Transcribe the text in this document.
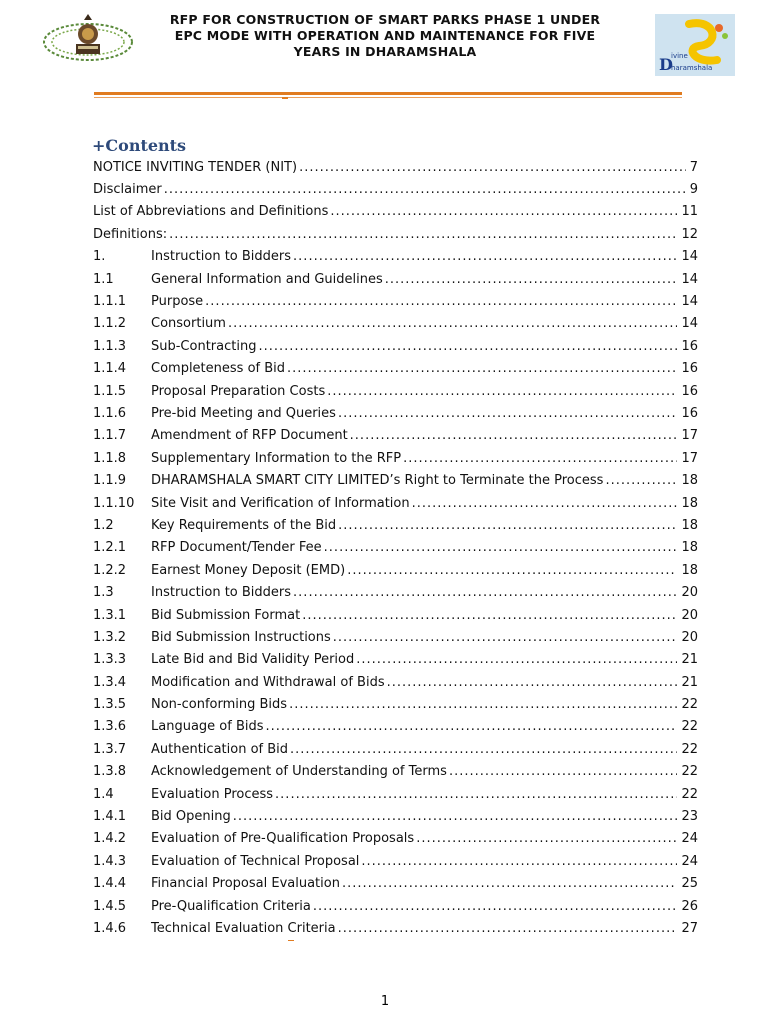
RFP FOR CONSTRUCTION OF SMART PARKS PHASE 1 UNDER
EPC MODE WITH OPERATION AND MAINTENANCE FOR FIVE
YEARS IN DHARAMSHALA
D
ivine
haramshala
+Contents
NOTICE INVITING TENDER (NIT) .....	7
Disclaimer .....	9
List of Abbreviations and Definitions .....	11
Definitions: .....	12
1.	Instruction to Bidders .....	14
1.1	General Information and Guidelines .....	14
1.1.1	Purpose .....	14
1.1.2	Consortium .....	14
1.1.3	Sub-Contracting .....	16
1.1.4	Completeness of Bid .....	16
1.1.5	Proposal Preparation Costs .....	16
1.1.6	Pre-bid Meeting and Queries .....	16
1.1.7	Amendment of RFP Document .....	17
1.1.8	Supplementary Information to the RFP .....	17
1.1.9	DHARAMSHALA SMART CITY LIMITED’s Right to Terminate the Process .....	18
1.1.10	Site Visit and Verification of Information .....	18
1.2	Key Requirements of the Bid .....	18
1.2.1	RFP Document/Tender Fee .....	18
1.2.2	Earnest Money Deposit (EMD) .....	18
1.3	Instruction to Bidders .....	20
1.3.1	Bid Submission Format .....	20
1.3.2	Bid Submission Instructions .....	20
1.3.3	Late Bid and Bid Validity Period .....	21
1.3.4	Modification and Withdrawal of Bids .....	21
1.3.5	Non-conforming Bids .....	22
1.3.6	Language of Bids .....	22
1.3.7	Authentication of Bid .....	22
1.3.8	Acknowledgement of Understanding of Terms .....	22
1.4	Evaluation Process .....	22
1.4.1	Bid Opening .....	23
1.4.2	Evaluation of Pre-Qualification Proposals .....	24
1.4.3	Evaluation of Technical Proposal .....	24
1.4.4	Financial Proposal Evaluation .....	25
1.4.5	Pre-Qualification Criteria .....	26
1.4.6	Technical Evaluation Criteria .....	27
1
